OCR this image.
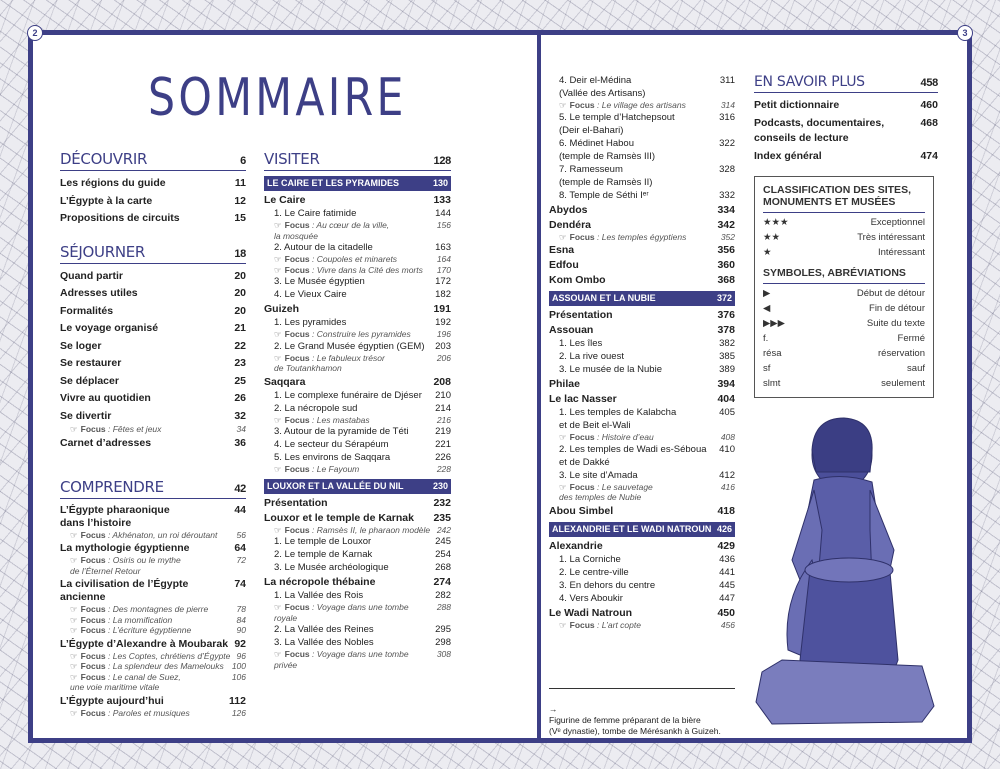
2	3
SOMMAIRE
DÉCOUVRIR	6
Les régions du guide	11
L’Égypte à la carte	12
Propositions de circuits	15
SÉJOURNER	18
Quand partir	20
Adresses utiles	20
Formalités	20
Le voyage organisé	21
Se loger	22
Se restaurer	23
Se déplacer	25
Vivre au quotidien	26
Se divertir	32
☞ Focus : Fêtes et jeux	34
Carnet d’adresses	36
COMPRENDRE	42
L’Égypte pharaonique
dans l’histoire
44
☞ Focus : Akhénaton, un roi déroutant 56
La mythologie égyptienne	64
☞ Focus : Osiris ou le mythe
de l’Éternel Retour
72
La civilisation de l’Égypte ancienne
74
☞ Focus : Des montagnes de pierre	78
☞ Focus : La momification	84
☞ Focus : L’écriture égyptienne	90
L’Égypte d’Alexandre à Moubarak 92
☞ Focus : Les Coptes, chrétiens d’Égypte 96
☞ Focus : La splendeur des Mamelouks 100
☞ Focus : Le canal de Suez,
une voie maritime vitale
106
L’Égypte aujourd’hui	112
☞ Focus : Paroles et musiques	126
VISITER	128
LE CAIRE ET LES PYRAMIDES	130
Le Caire	133
1. Le Caire fatimide	144
☞ Focus : Au cœur de la ville,
la mosquée
156
2. Autour de la citadelle	163
☞ Focus : Coupoles et minarets	164
☞ Focus : Vivre dans la Cité des morts 170
3. Le Musée égyptien	172
4. Le Vieux Caire	182
Guizeh	191
1. Les pyramides	192
☞ Focus : Construire les pyramides	196
2. Le Grand Musée égyptien (GEM) 203
☞ Focus : Le fabuleux trésor
de Toutankhamon
206
Saqqara	208
1. Le complexe funéraire de Djéser 210
2. La nécropole sud	214
☞ Focus : Les mastabas	216
3. Autour de la pyramide de Téti	219
4. Le secteur du Sérapéum	221
5. Les environs de Saqqara	226
☞ Focus : Le Fayoum	228
LOUXOR ET LA VALLÉE DU NIL	230
Présentation	232
Louxor et le temple de Karnak 235
☞ Focus : Ramsès II, le pharaon modèle 242
1. Le temple de Louxor	245
2. Le temple de Karnak	254
3. Le Musée archéologique	268
La nécropole thébaine	274
1. La Vallée des Rois	282
☞ Focus : Voyage dans une tombe royale
288
2. La Vallée des Reines	295
3. La Vallée des Nobles	298
☞ Focus : Voyage dans une tombe privée
308
4. Deir el-Médina
(Vallée des Artisans)
311
☞ Focus : Le village des artisans	314
5. Le temple d’Hatchepsout
(Deir el-Bahari)
316
6. Médinet Habou
(temple de Ramsès III)
322
7. Ramesseum
(temple de Ramsès II)
328
8. Temple de Séthi Iᵉʳ	332
Abydos	334
Dendéra	342
☞ Focus : Les temples égyptiens	352
Esna	356
Edfou	360
Kom Ombo	368
ASSOUAN ET LA NUBIE	372
Présentation	376
Assouan	378
1. Les îles	382
2. La rive ouest	385
3. Le musée de la Nubie	389
Philae	394
Le lac Nasser	404
1. Les temples de Kalabcha
et de Beit el-Wali
405
☞ Focus : Histoire d’eau	408
2. Les temples de Wadi es-Séboua
et de Dakké
410
3. Le site d’Amada	412
☞ Focus : Le sauvetage
des temples de Nubie
416
Abou Simbel	418
ALEXANDRIE ET LE WADI NATROUN 426
Alexandrie	429
1. La Corniche	436
2. Le centre-ville	441
3. En dehors du centre	445
4. Vers Aboukir	447
Le Wadi Natroun	450
☞ Focus : L’art copte	456

→
Figurine de femme préparant de la bière
(Vᵉ dynastie), tombe de Mérésankh à Guizeh.

EN SAVOIR PLUS	458
Petit dictionnaire	460
Podcasts, documentaires,
conseils de lecture
468
Index général	474
CLASSIFICATION DES SITES,
MONUMENTS ET MUSÉES
★★★	Exceptionnel
★★	Très intéressant
★	Intéressant
SYMBOLES, ABRÉVIATIONS
▶	Début de détour
◀	Fin de détour
▶▶▶	Suite du texte
f.	Fermé
résa	réservation
sf	sauf
slmt	seulement
